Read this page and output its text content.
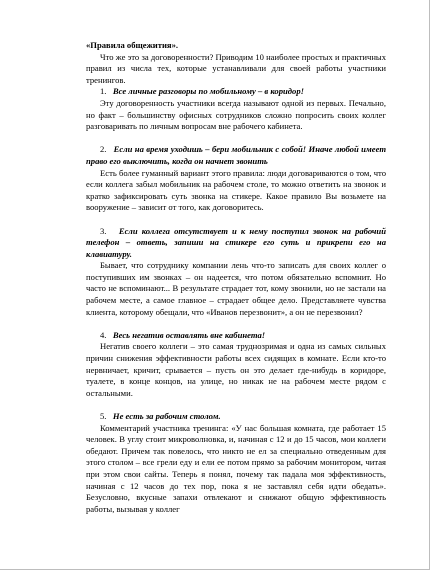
«Правила общежития».

Что же это за договоренности? Приводим 10 наиболее простых и практичных правил из числа тех, которые устанавливали для своей работы участники тренингов.

1. Все личные разговоры по мобильному – в коридор!

Эту договоренность участники всегда называют одной из первых. Печально, но факт – большинству офисных сотрудников сложно попросить своих коллег разговаривать по личным вопросам вне рабочего кабинета.

2. Если на время уходишь – бери мобильник с собой! Иначе любой имеет право его выключить, когда он начнет звонить

Есть более гуманный вариант этого правила: люди договариваются о том, что если коллега забыл мобильник на рабочем столе, то можно ответить на звонок и кратко зафиксировать суть звонка на стикере. Какое правило Вы возьмете на вооружение – зависит от того, как договоритесь.

3. Если коллега отсутствует и к нему поступил звонок на рабочий телефон – ответь, запиши на стикере его суть и прикрепи его на клавиатуру.

Бывает, что сотруднику компании лень что-то записать для своих коллег о поступивших им звонках – он надеется, что потом обязательно вспомнит. Но часто не вспоминают... В результате страдает тот, кому звонили, но не застали на рабочем месте, а самое главное – страдает общее дело. Представляете чувства клиента, которому обещали, что «Иванов перезвонит», а он не перезвонил?

4. Весь негатив оставлять вне кабинета!

Негатив своего коллеги – это самая труднозримая и одна из самых сильных причин снижения эффективности работы всех сидящих в комнате. Если кто-то нервничает, кричит, срывается – пусть он это делает где-нибудь в коридоре, туалете, в конце концов, на улице, но никак не на рабочем месте рядом с остальными.

5. Не есть за рабочим столом.

Комментарий участника тренинга: «У нас большая комната, где работает 15 человек. В углу стоит микроволновка, и, начиная с 12 и до 15 часов, мои коллеги обедают. Причем так повелось, что никто не ел за специально отведенным для этого столом – все грели еду и ели ее потом прямо за рабочим монитором, читая при этом свои сайты. Теперь я понял, почему так падала моя эффективность, начиная с 12 часов до тех пор, пока я не заставлял себя идти обедать». Безусловно, вкусные запахи отвлекают и снижают общую эффективность работы, вызывая у коллег
